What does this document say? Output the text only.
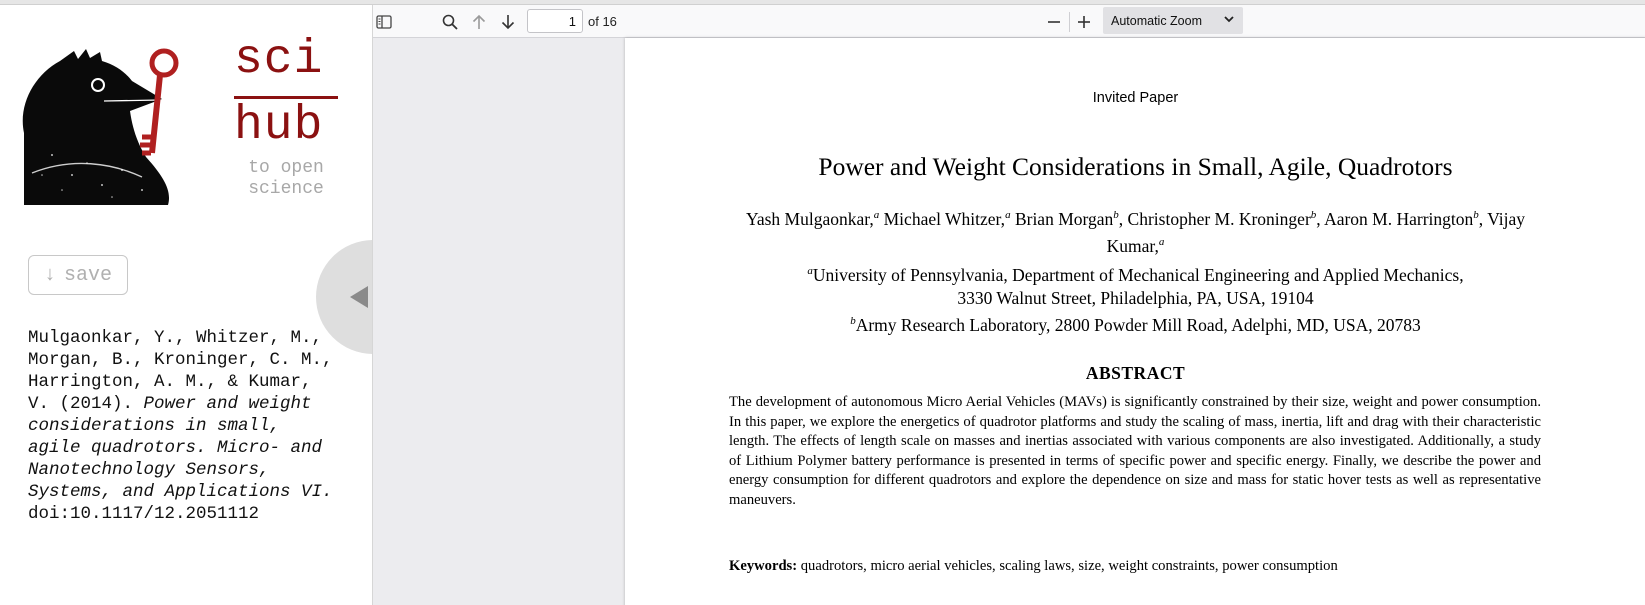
sci
hub
to open
science
↓ save
Mulgaonkar, Y., Whitzer, M., Morgan, B., Kroninger, C. M., Harrington, A. M., & Kumar, V. (2014). Power and weight considerations in small, agile quadrotors. Micro- and Nanotechnology Sensors, Systems, and Applications VI.
doi:10.1117/12.2051112
1
of 16	Automatic Zoom
Invited Paper
Power and Weight Considerations in Small, Agile, Quadrotors
Yash Mulgaonkar,$^a$ Michael Whitzer,$^a$ Brian Morgan$^b$, Christopher M. Kroninger$^b$, Aaron M. Harrington$^b$, Vijay Kumar,$^a$
$^a$University of Pennsylvania, Department of Mechanical Engineering and Applied Mechanics,
3330 Walnut Street, Philadelphia, PA, USA, 19104
$^b$Army Research Laboratory, 2800 Powder Mill Road, Adelphi, MD, USA, 20783
ABSTRACT
The development of autonomous Micro Aerial Vehicles (MAVs) is significantly constrained by their size, weight and power consumption. In this paper, we explore the energetics of quadrotor platforms and study the scaling of mass, inertia, lift and drag with their characteristic length. The effects of length scale on masses and inertias associated with various components are also investigated. Additionally, a study of Lithium Polymer battery performance is presented in terms of specific power and specific energy. Finally, we describe the power and energy consumption for different quadrotors and explore the dependence on size and mass for static hover tests as well as representative maneuvers.
Keywords: quadrotors, micro aerial vehicles, scaling laws, size, weight constraints, power consumption
